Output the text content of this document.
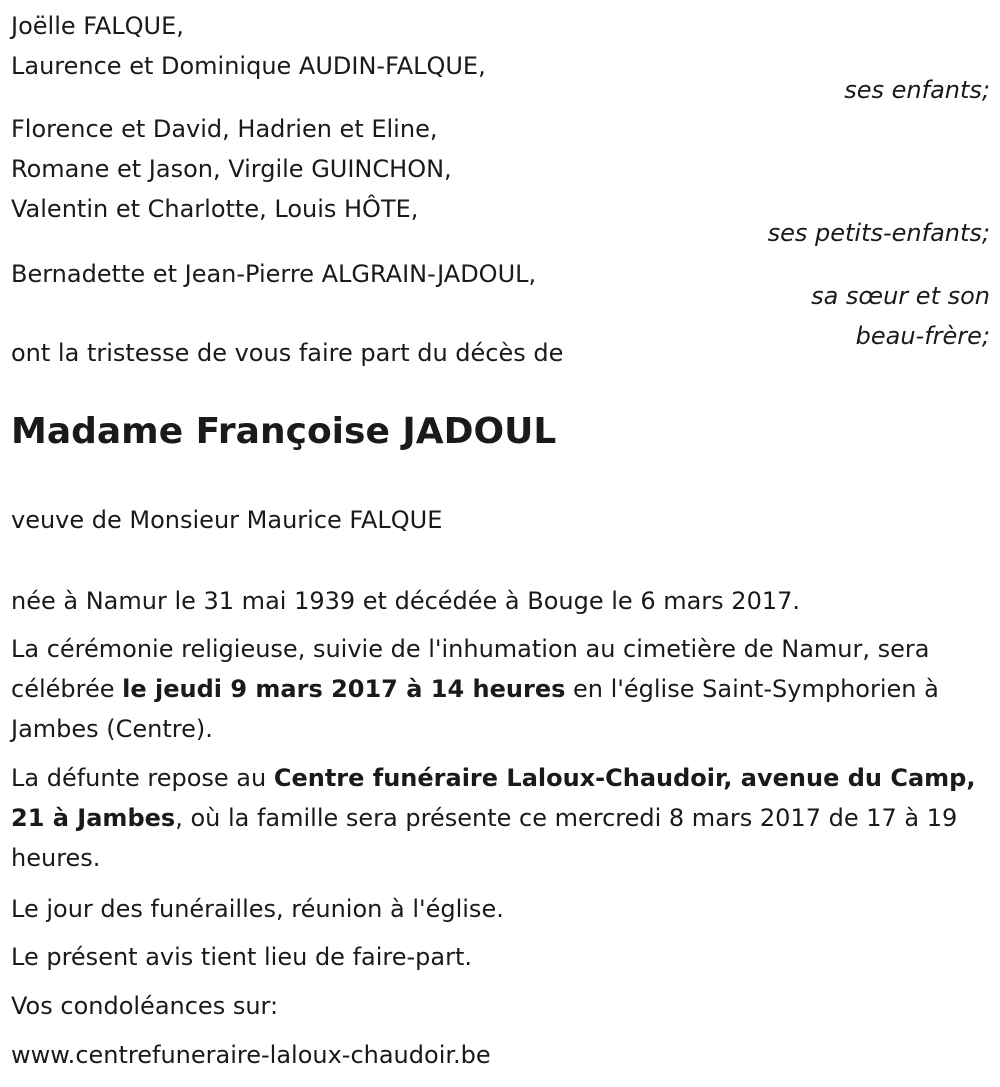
Joëlle FALQUE,
Laurence et Dominique AUDIN-FALQUE,
ses enfants;
Florence et David, Hadrien et Eline,
Romane et Jason, Virgile GUINCHON,
Valentin et Charlotte, Louis HÔTE,
ses petits-enfants;
Bernadette et Jean-Pierre ALGRAIN-JADOUL,
sa sœur et son
beau-frère;
ont la tristesse de vous faire part du décès de
Madame Françoise JADOUL
veuve de Monsieur Maurice FALQUE
née à Namur le 31 mai 1939 et décédée à Bouge le 6 mars 2017.
La cérémonie religieuse, suivie de l'inhumation au cimetière de Namur, sera célébrée le jeudi 9 mars 2017 à 14 heures en l'église Saint-Symphorien à Jambes (Centre).
La défunte repose au Centre funéraire Laloux-Chaudoir, avenue du Camp, 21 à Jambes, où la famille sera présente ce mercredi 8 mars 2017 de 17 à 19 heures.
Le jour des funérailles, réunion à l'église.
Le présent avis tient lieu de faire-part.
Vos condoléances sur:
www.centrefuneraire-laloux-chaudoir.be
